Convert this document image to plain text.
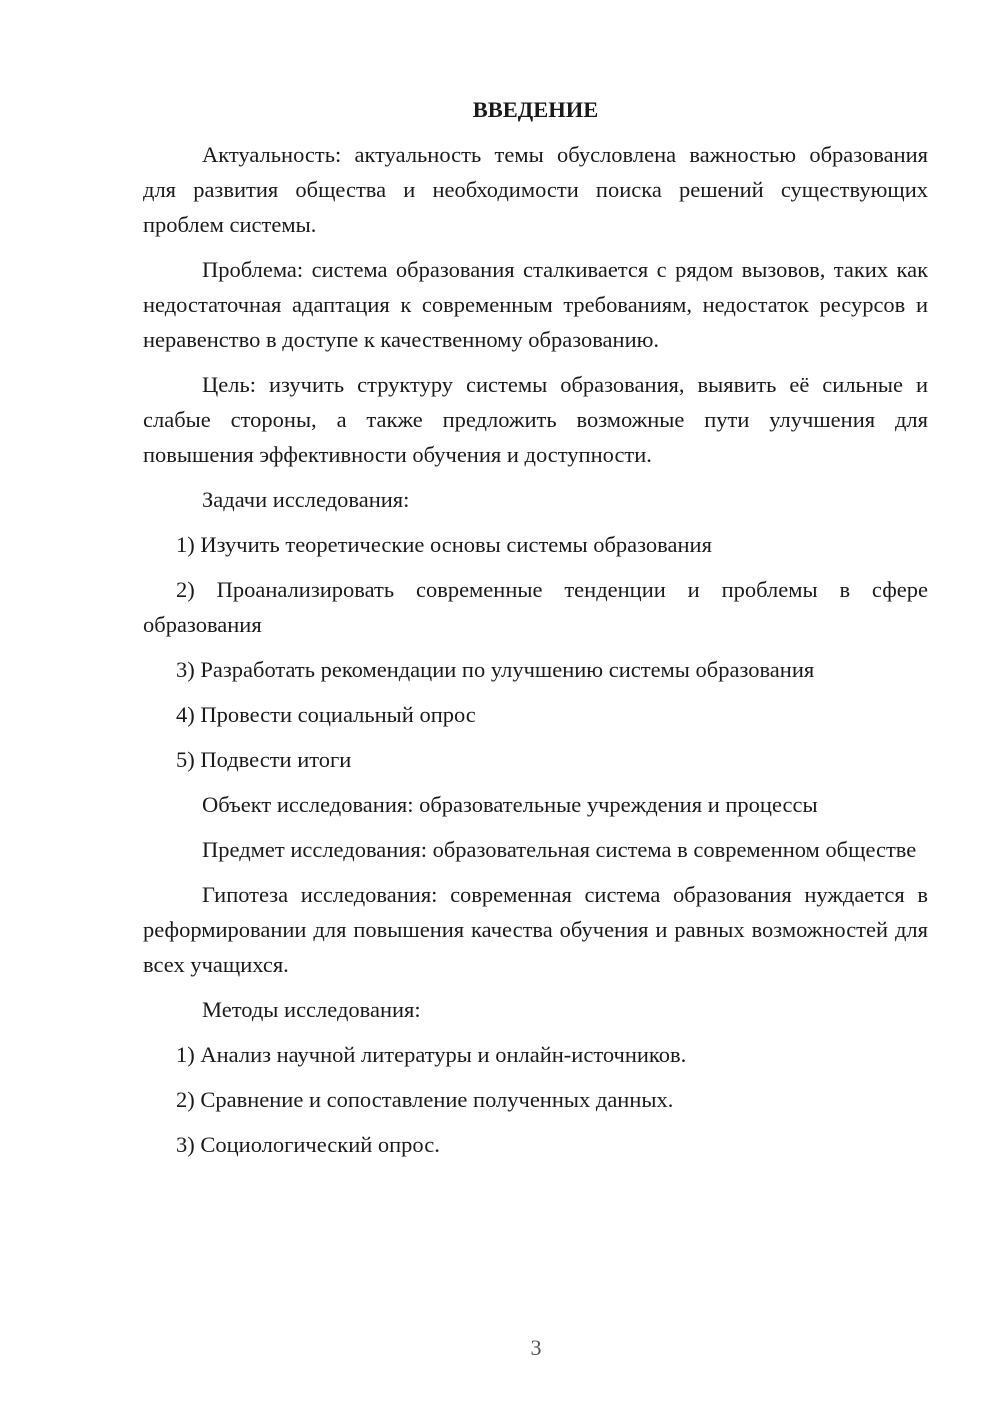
ВВЕДЕНИЕ

Актуальность: актуальность темы обусловлена важностью образования для развития общества и необходимости поиска решений существующих проблем системы.

Проблема: система образования сталкивается с рядом вызовов, таких как недостаточная адаптация к современным требованиям, недостаток ресурсов и неравенство в доступе к качественному образованию.

Цель: изучить структуру системы образования, выявить её сильные и слабые стороны, а также предложить возможные пути улучшения для повышения эффективности обучения и доступности.

Задачи исследования:

1) Изучить теоретические основы системы образования

2) Проанализировать современные тенденции и проблемы в сфере образования

3) Разработать рекомендации по улучшению системы образования

4) Провести социальный опрос

5) Подвести итоги

Объект исследования: образовательные учреждения и процессы

Предмет исследования: образовательная система в современном обществе

Гипотеза исследования: современная система образования нуждается в реформировании для повышения качества обучения и равных возможностей для всех учащихся.

Методы исследования:

1) Анализ научной литературы и онлайн-источников.

2) Сравнение и сопоставление полученных данных.

3) Социологический опрос.

3
